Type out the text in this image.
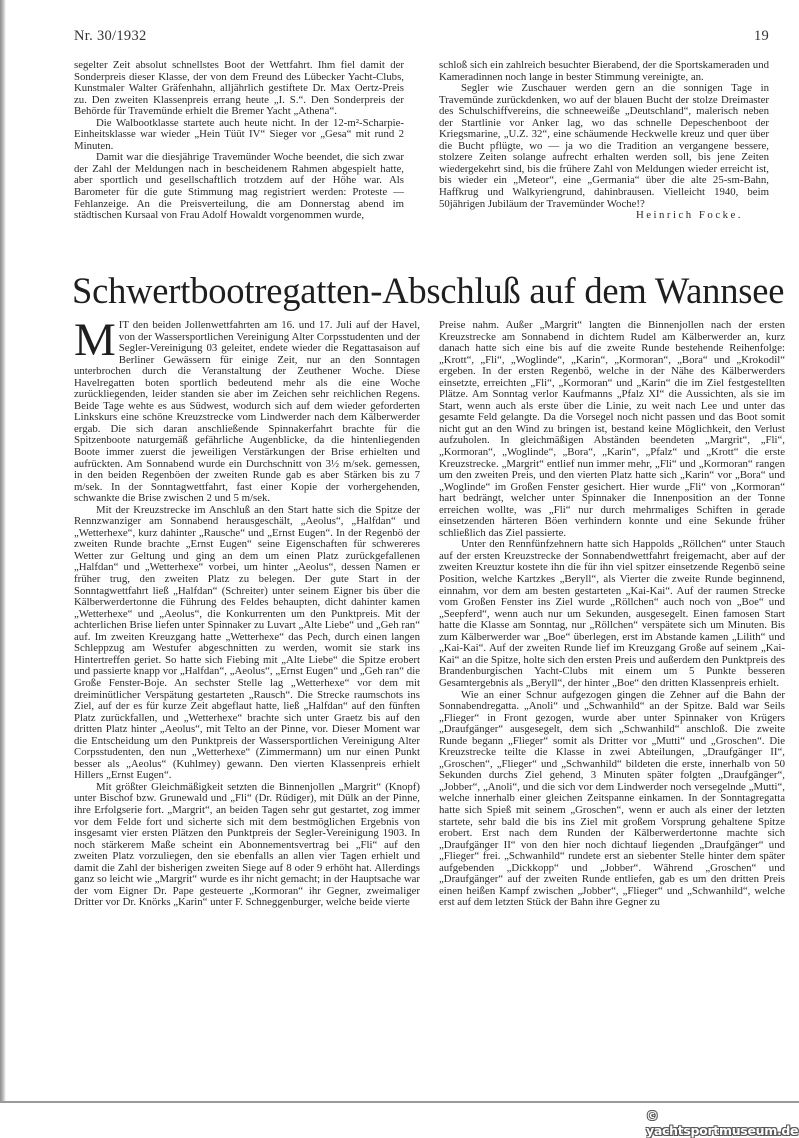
Nr. 30/1932	19

segelter Zeit absolut schnellstes Boot der Wettfahrt. Ihm fiel damit der Sonderpreis dieser Klasse, der von dem Freund des Lübecker Yacht-Clubs, Kunstmaler Walter Gräfenhahn, alljährlich gestiftete Dr. Max Oertz-Preis zu. Den zweiten Klassenpreis errang heute „I. S.“. Den Sonderpreis der Behörde für Travemünde erhielt die Bremer Yacht „Athena“.

Die Walbootklasse startete auch heute nicht. In der 12-m²-Scharpie-Einheitsklasse war wieder „Hein Tüüt IV“ Sieger vor „Gesa“ mit rund 2 Minuten.

Damit war die diesjährige Travemünder Woche beendet, die sich zwar der Zahl der Meldungen nach in bescheidenem Rahmen abgespielt hatte, aber sportlich und gesellschaftlich trotzdem auf der Höhe war. Als Barometer für die gute Stimmung mag registriert werden: Proteste — Fehlanzeige. An die Preisverteilung, die am Donnerstag abend im städtischen Kursaal von Frau Adolf Howaldt vorgenommen wurde,

schloß sich ein zahlreich besuchter Bierabend, der die Sportskameraden und Kameradinnen noch lange in bester Stimmung vereinigte, an.

Segler wie Zuschauer werden gern an die sonnigen Tage in Travemünde zurückdenken, wo auf der blauen Bucht der stolze Dreimaster des Schulschiffvereins, die schneeweiße „Deutschland“, malerisch neben der Startlinie vor Anker lag, wo das schnelle Depeschenboot der Kriegsmarine, „U.Z. 32“, eine schäumende Heckwelle kreuz und quer über die Bucht pflügte, wo — ja wo die Tradition an vergangene bessere, stolzere Zeiten solange aufrecht erhalten werden soll, bis jene Zeiten wiedergekehrt sind, bis die frühere Zahl von Meldungen wieder erreicht ist, bis wieder ein „Meteor“, eine „Germania“ über die alte 25-sm-Bahn, Haffkrug und Walkyriengrund, dahinbrausen. Vielleicht 1940, beim 50jährigen Jubiläum der Travemünder Woche!?
Heinrich Focke.

Schwertbootregatten-Abschluß auf dem Wannsee

MIT den beiden Jollenwettfahrten am 16. und 17. Juli auf der Havel, von der Wassersportlichen Vereinigung Alter Corpsstudenten und der Segler-Vereinigung 03 geleitet, endete wieder die Regattasaison auf Berliner Gewässern für einige Zeit, nur an den Sonntagen unterbrochen durch die Veranstaltung der Zeuthener Woche. Diese Havelregatten boten sportlich bedeutend mehr als die eine Woche zurückliegenden, leider standen sie aber im Zeichen sehr reichlichen Regens. Beide Tage wehte es aus Südwest, wodurch sich auf dem wieder geforderten Linkskurs eine schöne Kreuzstrecke vom Lindwerder nach dem Kälberwerder ergab. Die sich daran anschließende Spinnakerfahrt brachte für die Spitzenboote naturgemäß gefährliche Augenblicke, da die hintenliegenden Boote immer zuerst die jeweiligen Verstärkungen der Brise erhielten und aufrückten. Am Sonnabend wurde ein Durchschnitt von 3½ m/sek. gemessen, in den beiden Regenböen der zweiten Runde gab es aber Stärken bis zu 7 m/sek. In der Sonntagwettfahrt, fast einer Kopie der vorhergehenden, schwankte die Brise zwischen 2 und 5 m/sek.

Mit der Kreuzstrecke im Anschluß an den Start hatte sich die Spitze der Rennzwanziger am Sonnabend herausgeschält, „Aeolus“, „Halfdan“ und „Wetterhexe“, kurz dahinter „Rausche“ und „Ernst Eugen“. In der Regenbö der zweiten Runde brachte „Ernst Eugen“ seine Eigenschaften für schwereres Wetter zur Geltung und ging an dem um einen Platz zurückgefallenen „Halfdan“ und „Wetterhexe“ vorbei, um hinter „Aeolus“, dessen Namen er früher trug, den zweiten Platz zu belegen. Der gute Start in der Sonntagwettfahrt ließ „Halfdan“ (Schreiter) unter seinem Eigner bis über die Kälberwerdertonne die Führung des Feldes behaupten, dicht dahinter kamen „Wetterhexe“ und „Aeolus“, die Konkurrenten um den Punktpreis. Mit der achterlichen Brise liefen unter Spinnaker zu Luvart „Alte Liebe“ und „Geh ran“ auf. Im zweiten Kreuzgang hatte „Wetterhexe“ das Pech, durch einen langen Schleppzug am Westufer abgeschnitten zu werden, womit sie stark ins Hintertreffen geriet. So hatte sich Fiebing mit „Alte Liebe“ die Spitze erobert und passierte knapp vor „Halfdan“, „Aeolus“, „Ernst Eugen“ und „Geh ran“ die Große Fenster-Boje. An sechster Stelle lag „Wetterhexe“ vor dem mit dreiminütlicher Verspätung gestarteten „Rausch“. Die Strecke raumschots ins Ziel, auf der es für kurze Zeit abgeflaut hatte, ließ „Halfdan“ auf den fünften Platz zurückfallen, und „Wetterhexe“ brachte sich unter Graetz bis auf den dritten Platz hinter „Aeolus“, mit Telto an der Pinne, vor. Dieser Moment war die Entscheidung um den Punktpreis der Wassersportlichen Vereinigung Alter Corpsstudenten, den nun „Wetterhexe“ (Zimmermann) um nur einen Punkt besser als „Aeolus“ (Kuhlmey) gewann. Den vierten Klassenpreis erhielt Hillers „Ernst Eugen“.

Mit größter Gleichmäßigkeit setzten die Binnenjollen „Margrit“ (Knopf) unter Bischof bzw. Grunewald und „Fli“ (Dr. Rüdiger), mit Dülk an der Pinne, ihre Erfolgserie fort. „Margrit“, an beiden Tagen sehr gut gestartet, zog immer vor dem Felde fort und sicherte sich mit dem bestmöglichen Ergebnis von insgesamt vier ersten Plätzen den Punktpreis der Segler-Vereinigung 1903. In noch stärkerem Maße scheint ein Abonnementsvertrag bei „Fli“ auf den zweiten Platz vorzuliegen, den sie ebenfalls an allen vier Tagen erhielt und damit die Zahl der bisherigen zweiten Siege auf 8 oder 9 erhöht hat. Allerdings ganz so leicht wie „Margrit“ wurde es ihr nicht gemacht; in der Hauptsache war der vom Eigner Dr. Pape gesteuerte „Kormoran“ ihr Gegner, zweimaliger Dritter vor Dr. Knörks „Karin“ unter F. Schneggenburger, welche beide vierte

Preise nahm. Außer „Margrit“ langten die Binnenjollen nach der ersten Kreuzstrecke am Sonnabend in dichtem Rudel am Kälberwerder an, kurz danach hatte sich eine bis auf die zweite Runde bestehende Reihenfolge: „Krott“, „Fli“, „Woglinde“, „Karin“, „Kormoran“, „Bora“ und „Krokodil“ ergeben. In der ersten Regenbö, welche in der Nähe des Kälberwerders einsetzte, erreichten „Fli“, „Kormoran“ und „Karin“ die im Ziel festgestellten Plätze. Am Sonntag verlor Kaufmanns „Pfalz XI“ die Aussichten, als sie im Start, wenn auch als erste über die Linie, zu weit nach Lee und unter das gesamte Feld gelangte. Da die Vorsegel noch nicht passen und das Boot somit nicht gut an den Wind zu bringen ist, bestand keine Möglichkeit, den Verlust aufzuholen. In gleichmäßigen Abständen beendeten „Margrit“, „Fli“, „Kormoran“, „Woglinde“, „Bora“, „Karin“, „Pfalz“ und „Krott“ die erste Kreuzstrecke. „Margrit“ entlief nun immer mehr, „Fli“ und „Kormoran“ rangen um den zweiten Preis, und den vierten Platz hatte sich „Karin“ vor „Bora“ und „Woglinde“ im Großen Fenster gesichert. Hier wurde „Fli“ von „Kormoran“ hart bedrängt, welcher unter Spinnaker die Innenposition an der Tonne erreichen wollte, was „Fli“ nur durch mehrmaliges Schiften in gerade einsetzenden härteren Böen verhindern konnte und eine Sekunde früher schließlich das Ziel passierte.

Unter den Rennfünfzehnern hatte sich Happolds „Röllchen“ unter Stauch auf der ersten Kreuzstrecke der Sonnabendwettfahrt freigemacht, aber auf der zweiten Kreuztur kostete ihn die für ihn viel spitzer einsetzende Regenbö seine Position, welche Kartzkes „Beryll“, als Vierter die zweite Runde beginnend, einnahm, vor dem am besten gestarteten „Kai-Kai“. Auf der raumen Strecke vom Großen Fenster ins Ziel wurde „Röllchen“ auch noch von „Boe“ und „Seepferd“, wenn auch nur um Sekunden, ausgesegelt. Einen famosen Start hatte die Klasse am Sonntag, nur „Röllchen“ verspätete sich um Minuten. Bis zum Kälberwerder war „Boe“ überlegen, erst im Abstande kamen „Lilith“ und „Kai-Kai“. Auf der zweiten Runde lief im Kreuzgang Große auf seinem „Kai-Kai“ an die Spitze, holte sich den ersten Preis und außerdem den Punktpreis des Brandenburgischen Yacht-Clubs mit einem um 5 Punkte besseren Gesamtergebnis als „Beryll“, der hinter „Boe“ den dritten Klassenpreis erhielt.

Wie an einer Schnur aufgezogen gingen die Zehner auf die Bahn der Sonnabendregatta. „Anoli“ und „Schwanhild“ an der Spitze. Bald war Seils „Flieger“ in Front gezogen, wurde aber unter Spinnaker von Krügers „Draufgänger“ ausgesegelt, dem sich „Schwanhild“ anschloß. Die zweite Runde begann „Flieger“ somit als Dritter vor „Mutti“ und „Groschen“. Die Kreuzstrecke teilte die Klasse in zwei Abteilungen, „Draufgänger II“, „Groschen“, „Flieger“ und „Schwanhild“ bildeten die erste, innerhalb von 50 Sekunden durchs Ziel gehend, 3 Minuten später folgten „Draufgänger“, „Jobber“, „Anoli“, und die sich vor dem Lindwerder noch versegelnde „Mutti“, welche innerhalb einer gleichen Zeitspanne einkamen. In der Sonntagregatta hatte sich Spieß mit seinem „Groschen“, wenn er auch als einer der letzten startete, sehr bald die bis ins Ziel mit großem Vorsprung gehaltene Spitze erobert. Erst nach dem Runden der Kälberwerdertonne machte sich „Draufgänger II“ von den hier noch dichtauf liegenden „Draufgänger“ und „Flieger“ frei. „Schwanhild“ rundete erst an siebenter Stelle hinter dem später aufgebenden „Dickkopp“ und „Jobber“. Während „Groschen“ und „Draufgänger“ auf der zweiten Runde entliefen, gab es um den dritten Preis einen heißen Kampf zwischen „Jobber“, „Flieger“ und „Schwanhild“, welche erst auf dem letzten Stück der Bahn ihre Gegner zu

© yachtsportmuseum.de
